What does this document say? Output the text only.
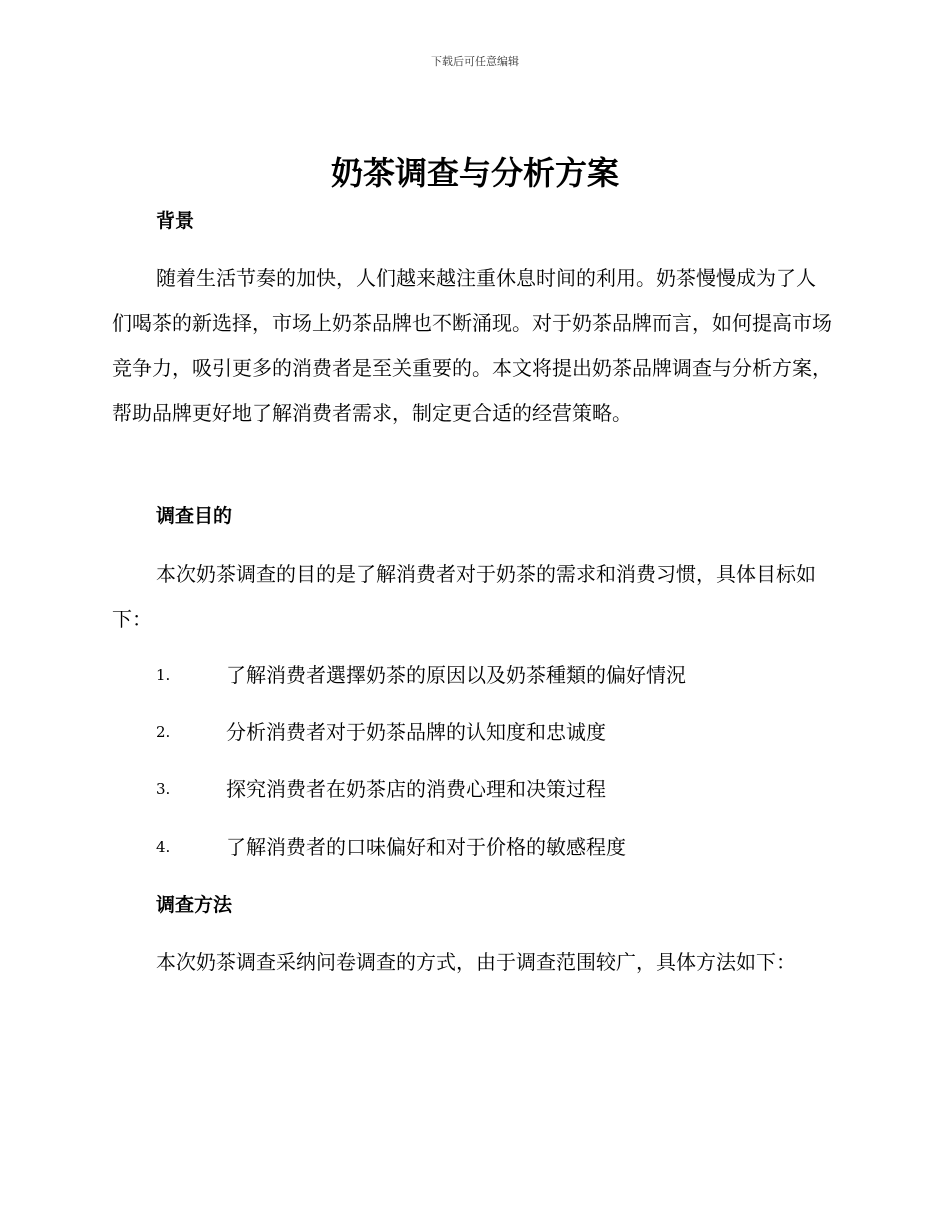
下载后可任意编辑
奶茶调查与分析方案
背景

随着生活节奏的加快，人们越来越注重休息时间的利用。奶茶慢慢成为了人们喝茶的新选择，市场上奶茶品牌也不断涌现。对于奶茶品牌而言，如何提高市场竞争力，吸引更多的消费者是至关重要的。本文将提出奶茶品牌调查与分析方案，帮助品牌更好地了解消费者需求，制定更合适的经营策略。

调查目的

本次奶茶调查的目的是了解消费者对于奶茶的需求和消费习惯，具体目标如下：

1.	了解消费者選擇奶茶的原因以及奶茶種類的偏好情況
2.	分析消费者对于奶茶品牌的认知度和忠诚度
3.	探究消费者在奶茶店的消费心理和决策过程
4.	了解消费者的口味偏好和对于价格的敏感程度
调查方法

本次奶茶调查采纳问卷调查的方式，由于调查范围较广，具体方法如下：
